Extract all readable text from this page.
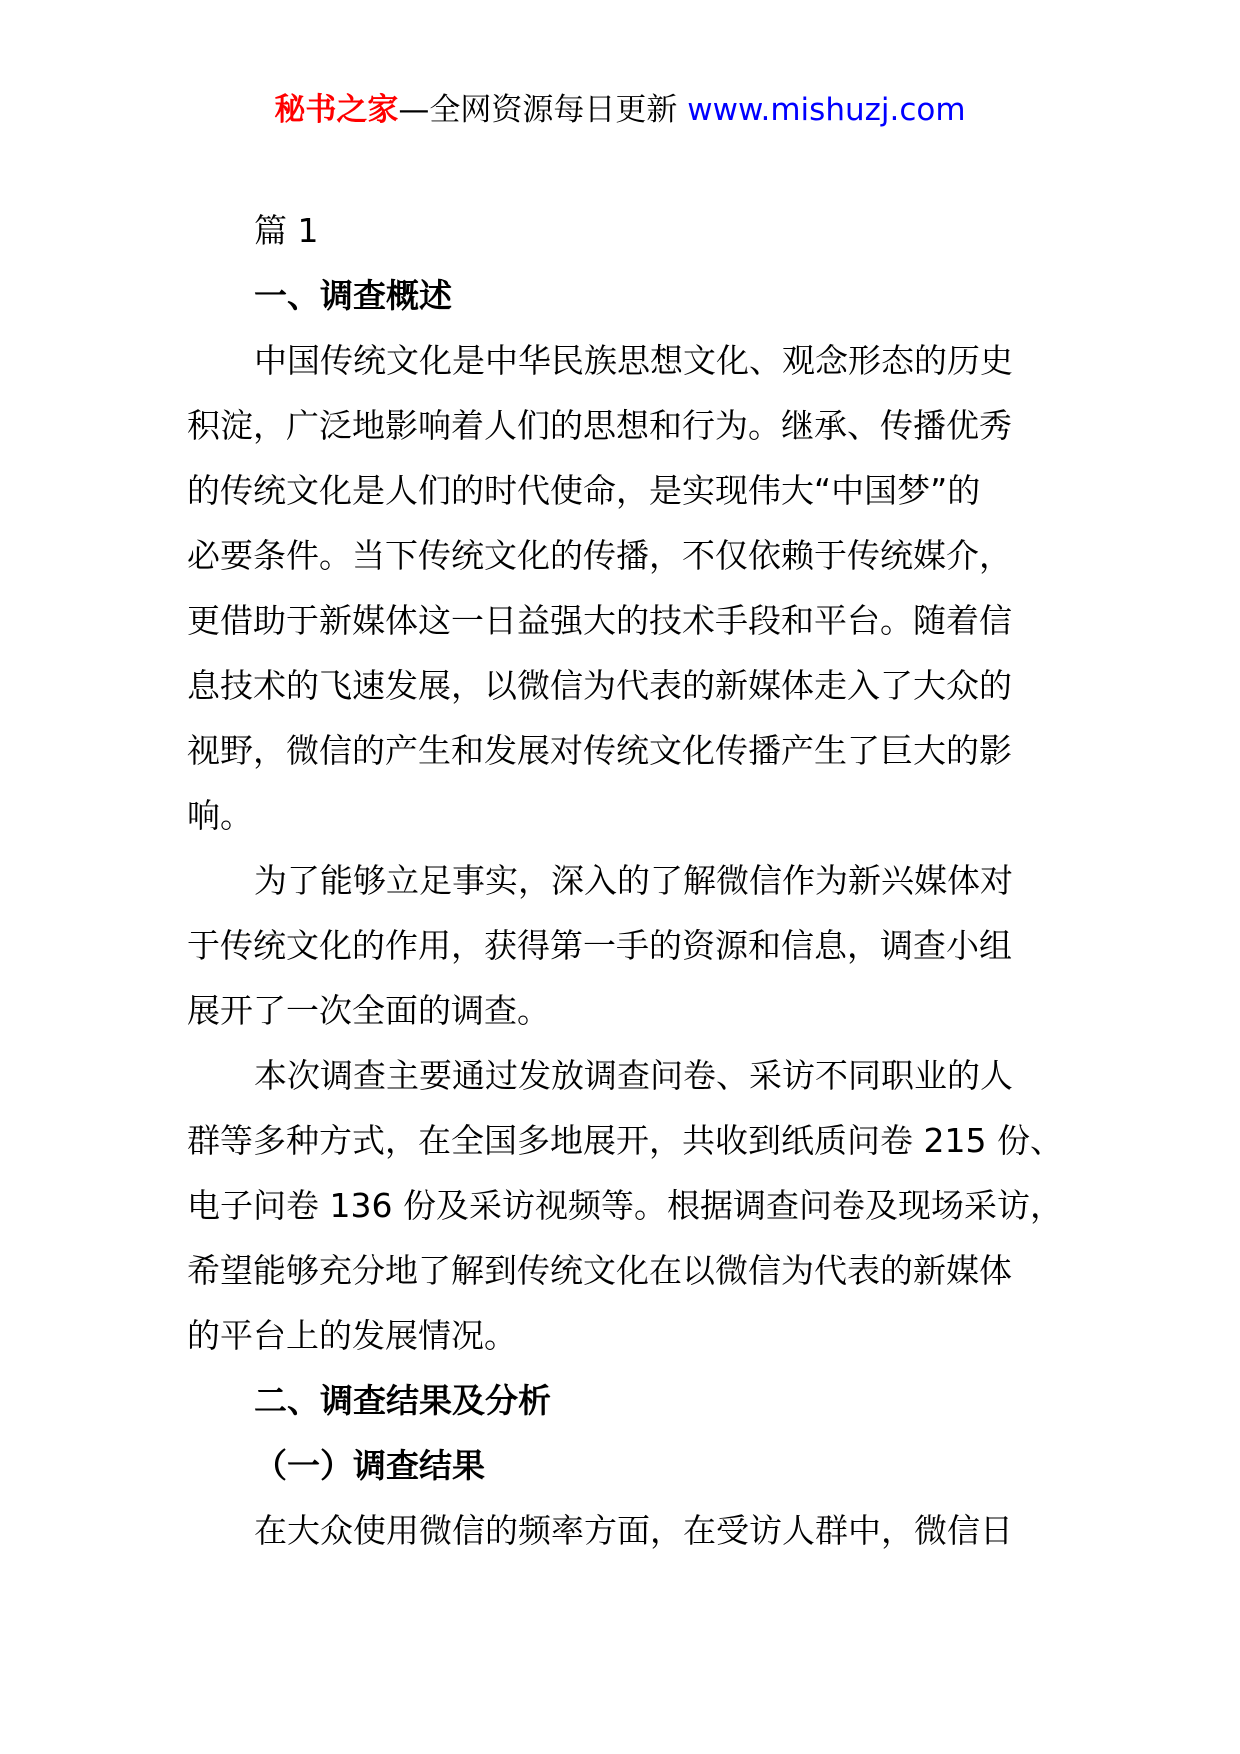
秘书之家—全网资源每日更新 www.mishuzj.com

篇 1

一、调查概述

中国传统文化是中华民族思想文化、观念形态的历史

积淀，广泛地影响着人们的思想和行为。继承、传播优秀

的传统文化是人们的时代使命，是实现伟大“中国梦”的

必要条件。当下传统文化的传播，不仅依赖于传统媒介，

更借助于新媒体这一日益强大的技术手段和平台。随着信

息技术的飞速发展，以微信为代表的新媒体走入了大众的

视野，微信的产生和发展对传统文化传播产生了巨大的影

响。

为了能够立足事实，深入的了解微信作为新兴媒体对

于传统文化的作用，获得第一手的资源和信息，调查小组

展开了一次全面的调查。

本次调查主要通过发放调查问卷、采访不同职业的人

群等多种方式，在全国多地展开，共收到纸质问卷 215 份、

电子问卷 136 份及采访视频等。根据调查问卷及现场采访，

希望能够充分地了解到传统文化在以微信为代表的新媒体

的平台上的发展情况。

二、调查结果及分析

（一）调查结果

在大众使用微信的频率方面，在受访人群中，微信日
